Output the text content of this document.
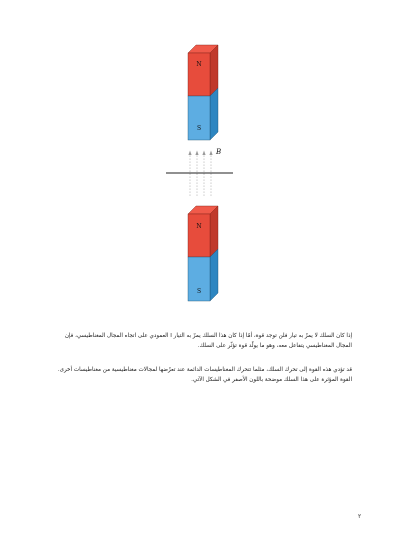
N
S
B
N
S

إذا كان السلك لا يمرّ به تيار فلن توجد قوة، أمّا إذا كان هذا السلك يمرّ به التيار I العمودي على اتجاه المجال المغناطيسي، فإن المجال المغناطيسي يتفاعل معه، وهو ما يولّد قوة تؤثّر على السلك.

قد تؤدي هذه القوة إلى تحرك السلك، مثلما تتحرك المغناطيسات الدائمة عند تعرّضها لمجالات مغناطيسية من مغناطيسات أخرى. القوة المؤثرة على هذا السلك موضحة باللون الأصفر في الشكل الآتي.

٢
